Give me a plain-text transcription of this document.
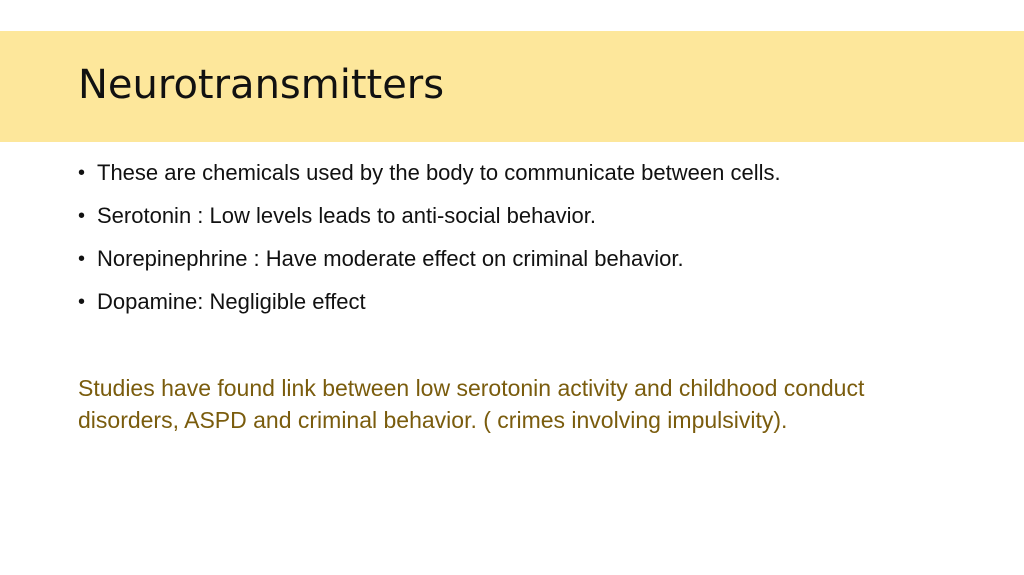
Neurotransmitters
• These are chemicals used by the body to communicate between cells.
• Serotonin : Low levels leads to anti-social behavior.
• Norepinephrine : Have moderate effect on criminal behavior.
• Dopamine: Negligible effect

Studies have found link between low serotonin activity and childhood conduct disorders, ASPD and criminal behavior. ( crimes involving impulsivity).
